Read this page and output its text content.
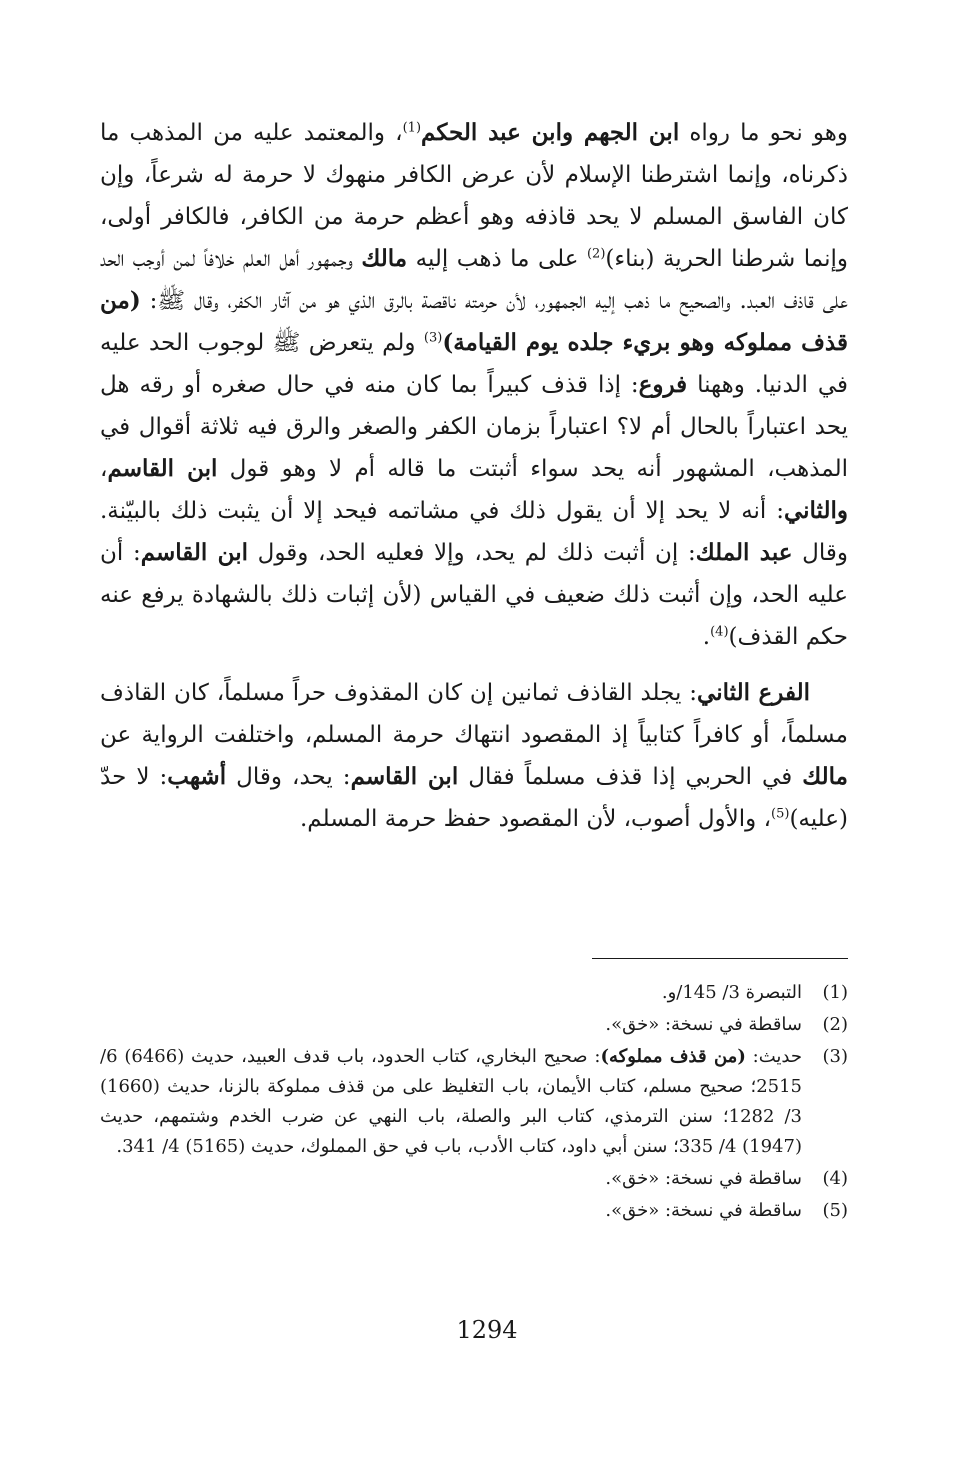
وهو نحو ما رواه ابن الجهم وابن عبد الحكم$^{(1)}$، والمعتمد عليه من المذهب ما ذكرناه، وإنما اشترطنا الإسلام لأن عرض الكافر منهوك لا حرمة له شرعاً، وإن كان الفاسق المسلم لا يحد قاذفه وهو أعظم حرمة من الكافر، فالكافر أولى، وإنما شرطنا الحرية (بناء)$^{(2)}$ على ما ذهب إليه مالك وجمهور أهل العلم خلافاً لمن أوجب الحد على قاذف العبد. والصحيح ما ذهب إليه الجمهور، لأن حرمته ناقصة بالرق الذي هو من آثار الكفر، وقال ﷺ: (من قذف مملوكه وهو بريء جلده يوم القيامة)$^{(3)}$ ولم يتعرض ﷺ لوجوب الحد عليه في الدنيا. وههنا فروع: إذا قذف كبيراً بما كان منه في حال صغره أو رقه هل يحد اعتباراً بالحال أم لا؟ اعتباراً بزمان الكفر والصغر والرق فيه ثلاثة أقوال في المذهب، المشهور أنه يحد سواء أثبتت ما قاله أم لا وهو قول ابن القاسم، والثاني: أنه لا يحد إلا أن يقول ذلك في مشاتمه فيحد إلا أن يثبت ذلك بالبيّنة. وقال عبد الملك: إن أثبت ذلك لم يحد، وإلا فعليه الحد، وقول ابن القاسم: أن عليه الحد، وإن أثبت ذلك ضعيف في القياس (لأن إثبات ذلك بالشهادة يرفع عنه حكم القذف)$^{(4)}$.

الفرع الثاني: يجلد القاذف ثمانين إن كان المقذوف حراً مسلماً، كان القاذف مسلماً، أو كافراً كتابياً إذ المقصود انتهاك حرمة المسلم، واختلفت الرواية عن مالك في الحربي إذا قذف مسلماً فقال ابن القاسم: يحد، وقال أشهب: لا حدّ (عليه)$^{(5)}$، والأول أصوب، لأن المقصود حفظ حرمة المسلم.

(1)
التبصرة 3/ 145/و.
(2)
ساقطة في نسخة: «خق».
(3)
حديث: (من قذف مملوكه): صحيح البخاري، كتاب الحدود، باب قدف العبيد، حديث (6466) 6/ 2515؛ صحيح مسلم، كتاب الأيمان، باب التغليظ على من قذف مملوكة بالزنا، حديث (1660) 3/ 1282؛ سنن الترمذي، كتاب البر والصلة، باب النهي عن ضرب الخدم وشتمهم، حديث (1947) 4/ 335؛ سنن أبي داود، كتاب الأدب، باب في حق المملوك، حديث (5165) 4/ 341.
(4)
ساقطة في نسخة: «خق».
(5)
ساقطة في نسخة: «خق».
1294
